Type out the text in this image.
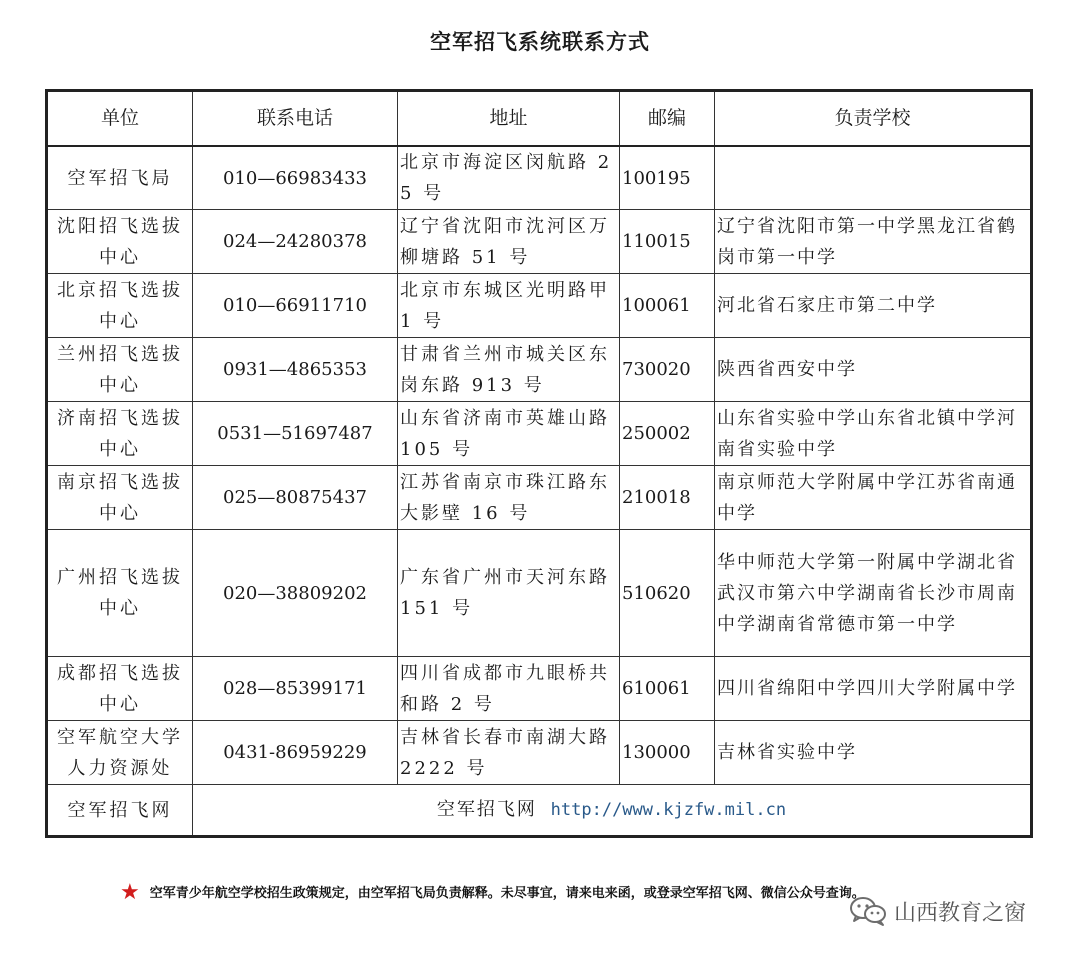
空军招飞系统联系方式
单位	联系电话	地址	邮编	负责学校
空军招飞局	010—66983433	北京市海淀区闵航路 25 号	100195	
沈阳招飞选拔中心	024—24280378	辽宁省沈阳市沈河区万柳塘路 51 号	110015	辽宁省沈阳市第一中学黑龙江省鹤岗市第一中学
北京招飞选拔中心	010—66911710	北京市东城区光明路甲 1 号	100061	河北省石家庄市第二中学
兰州招飞选拔中心	0931—4865353	甘肃省兰州市城关区东岗东路 913 号	730020	陕西省西安中学
济南招飞选拔中心	0531—51697487	山东省济南市英雄山路 105 号	250002	山东省实验中学山东省北镇中学河南省实验中学
南京招飞选拔中心	025—80875437	江苏省南京市珠江路东大影壁 16 号	210018	南京师范大学附属中学江苏省南通中学
广州招飞选拔中心	020—38809202	广东省广州市天河东路 151 号	510620	华中师范大学第一附属中学湖北省武汉市第六中学湖南省长沙市周南中学湖南省常德市第一中学
成都招飞选拔中心	028—85399171	四川省成都市九眼桥共和路 2 号	610061	四川省绵阳中学四川大学附属中学
空军航空大学人力资源处	0431-86959229	吉林省长春市南湖大路 2222 号	130000	吉林省实验中学
空军招飞网	空军招飞网 http://www.kjzfw.mil.cn			
★ 空军青少年航空学校招生政策规定，由空军招飞局负责解释。未尽事宜，请来电来函，或登录空军招飞网、微信公众号查询。
山西教育之窗
